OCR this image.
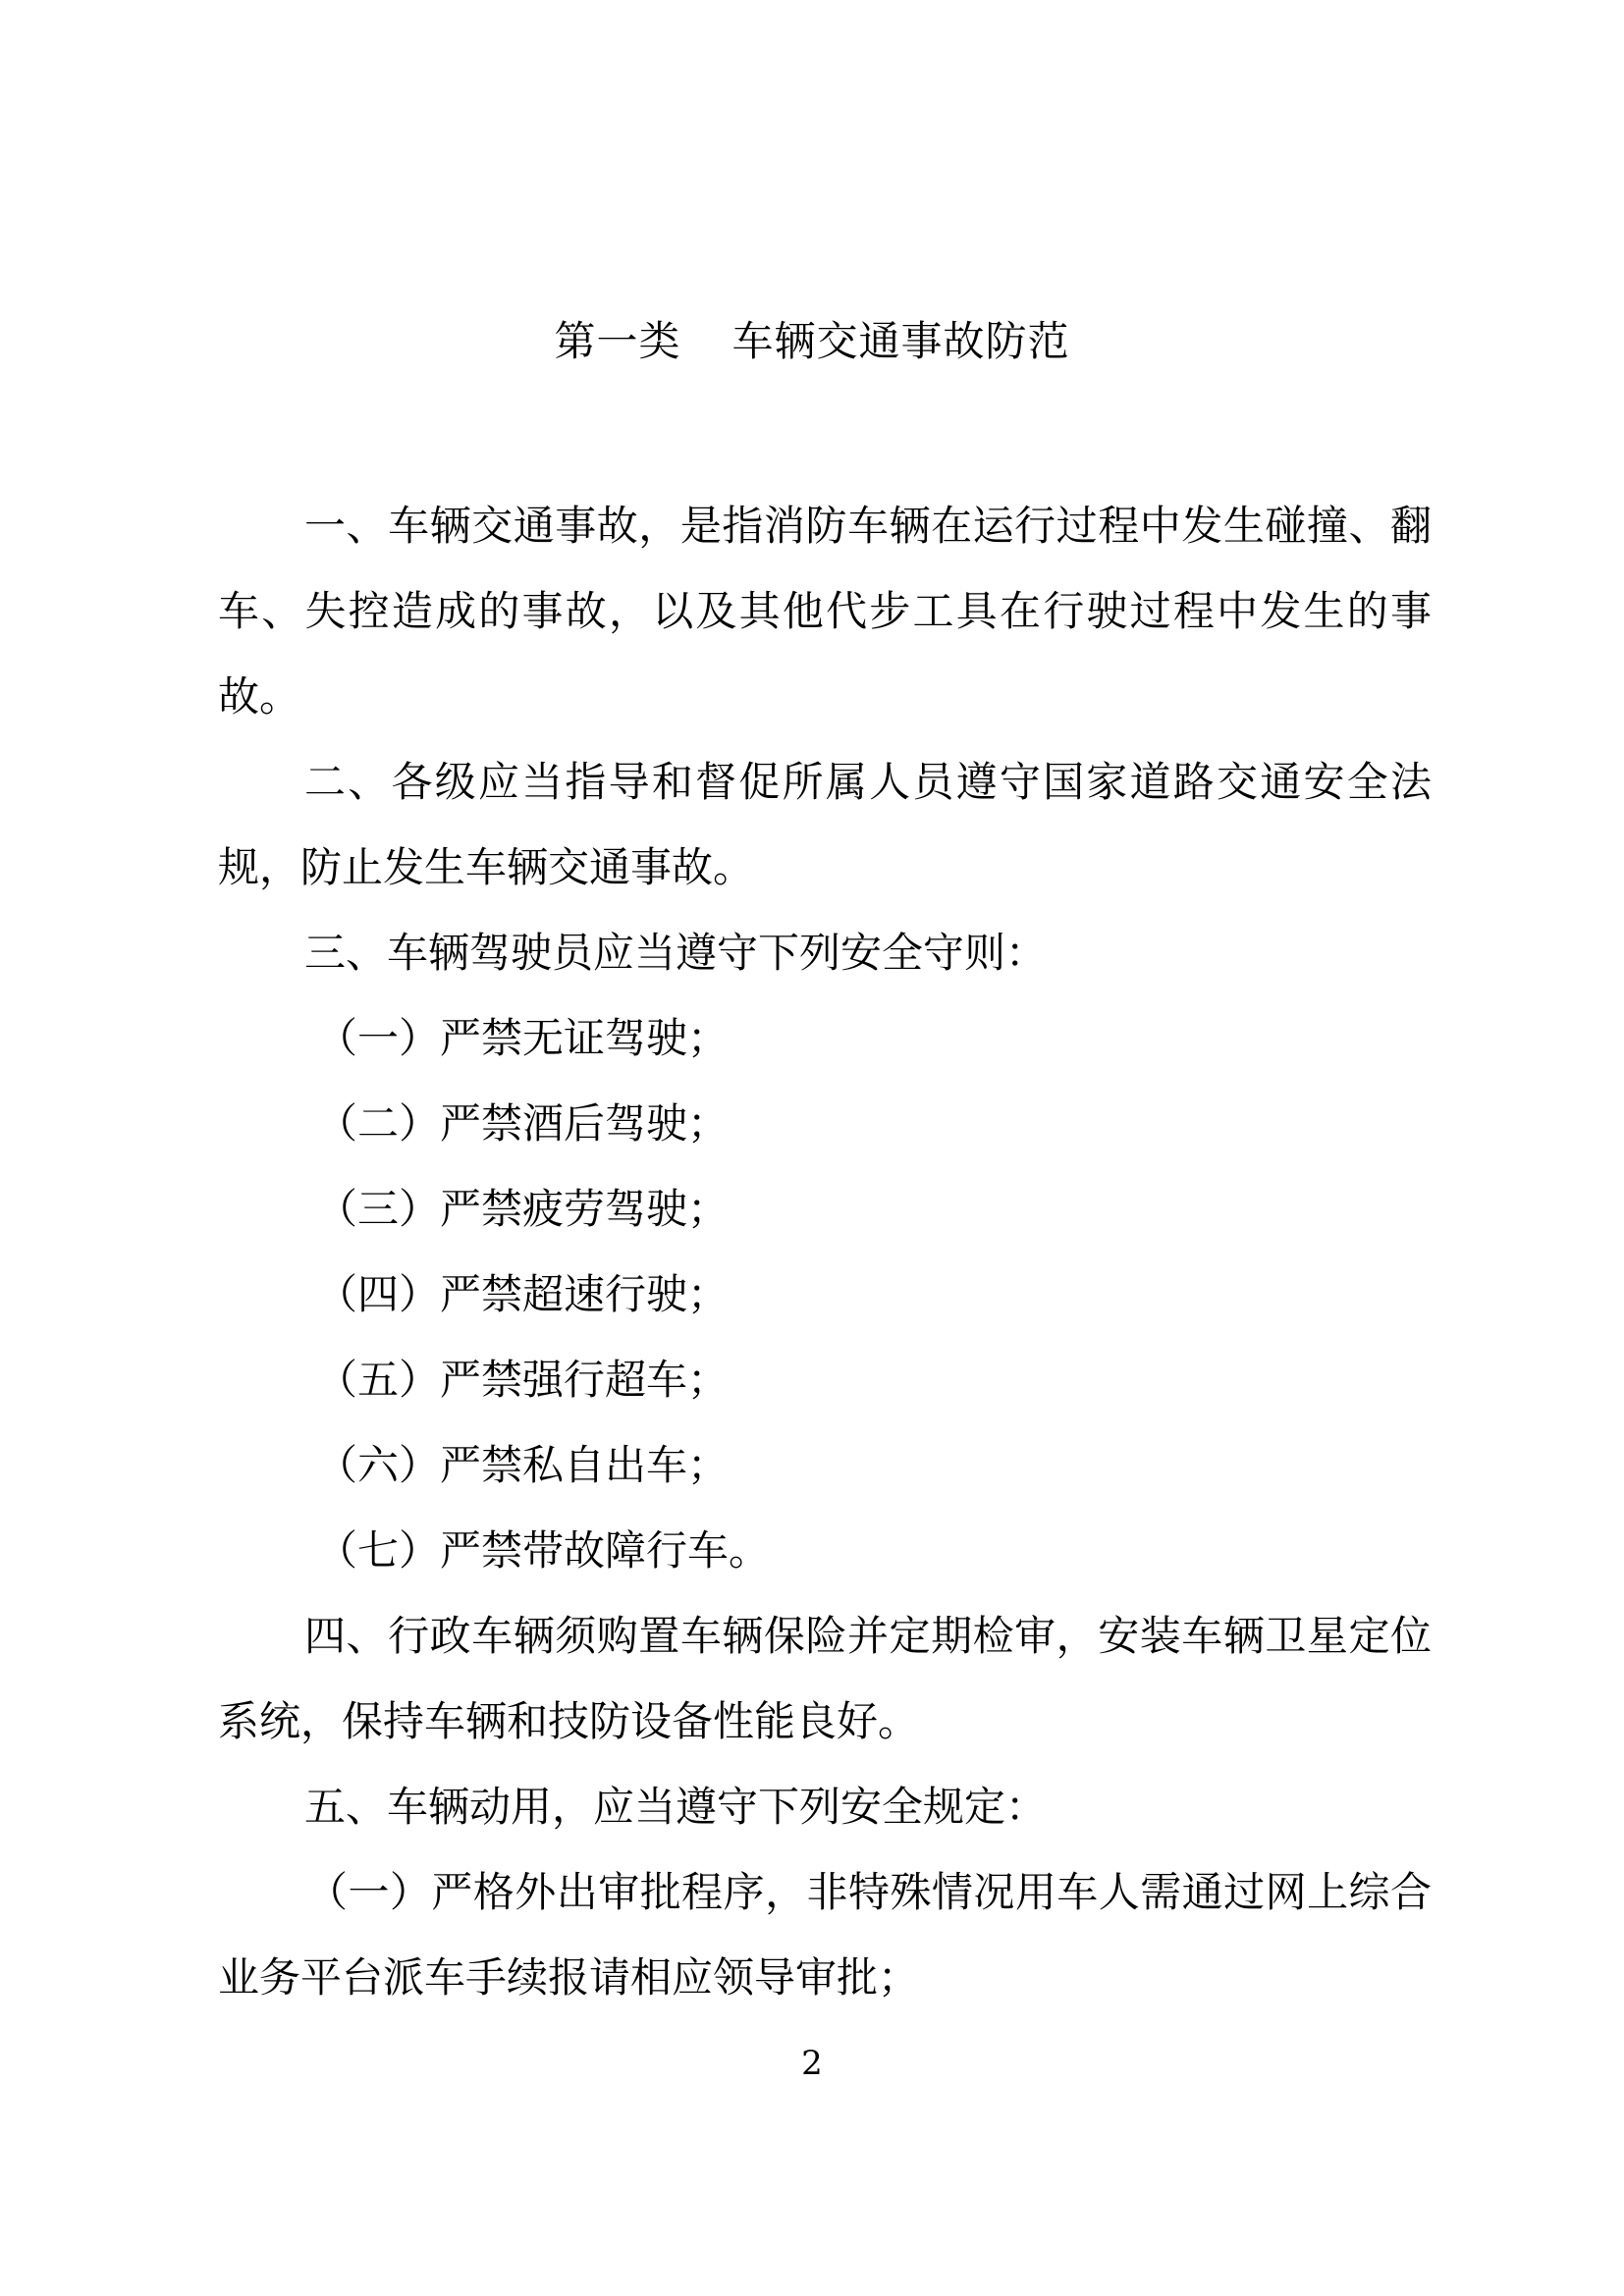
第一类 车辆交通事故防范

一、车辆交通事故，是指消防车辆在运行过程中发生碰撞、翻车、失控造成的事故，以及其他代步工具在行驶过程中发生的事故。

二、各级应当指导和督促所属人员遵守国家道路交通安全法规，防止发生车辆交通事故。

三、车辆驾驶员应当遵守下列安全守则：

（一）严禁无证驾驶；

（二）严禁酒后驾驶；

（三）严禁疲劳驾驶；

（四）严禁超速行驶；

（五）严禁强行超车；

（六）严禁私自出车；

（七）严禁带故障行车。

四、行政车辆须购置车辆保险并定期检审，安装车辆卫星定位系统，保持车辆和技防设备性能良好。

五、车辆动用，应当遵守下列安全规定：

（一）严格外出审批程序，非特殊情况用车人需通过网上综合业务平台派车手续报请相应领导审批；

2
